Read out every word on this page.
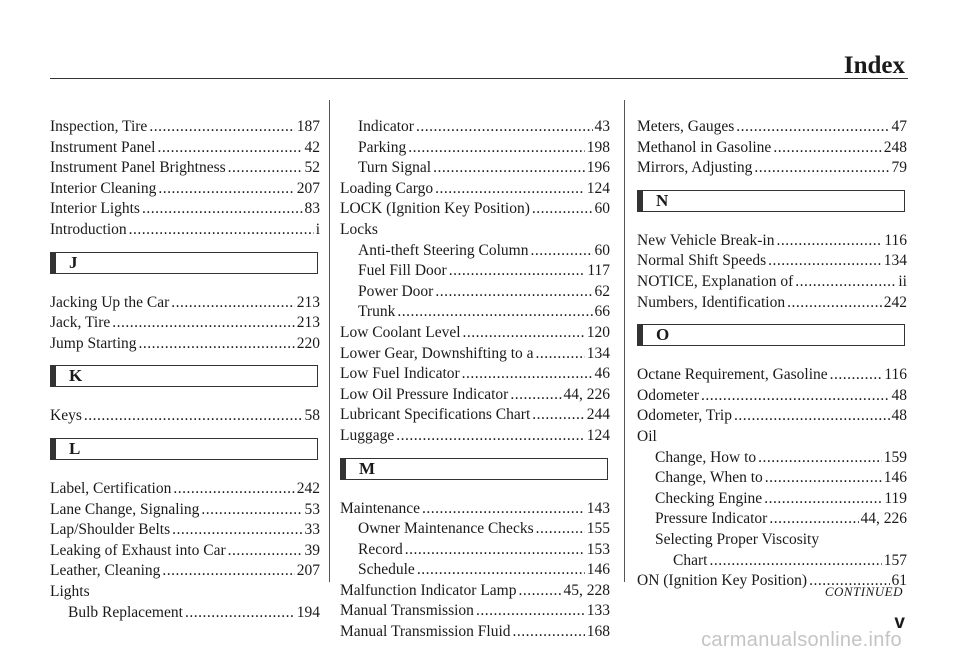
Index
Inspection, Tire .....	187
Instrument Panel .....	42
Instrument Panel Brightness .....	52
Interior Cleaning .....	207
Interior Lights .....	83
Introduction .....	i
J
Jacking Up the Car .....	213
Jack, Tire .....	213
Jump Starting .....	220
K
Keys .....	58
L
Label, Certification .....	242
Lane Change, Signaling .....	53
Lap/Shoulder Belts .....	33
Leaking of Exhaust into Car .....	39
Leather, Cleaning .....	207
Lights
Bulb Replacement .....	194
Indicator .....	43
Parking .....	198
Turn Signal .....	196
Loading Cargo .....	124
LOCK (Ignition Key Position) .....	60
Locks
Anti-theft Steering Column .....	60
Fuel Fill Door .....	117
Power Door .....	62
Trunk .....	66
Low Coolant Level .....	120
Lower Gear, Downshifting to a .....	134
Low Fuel Indicator .....	46
Low Oil Pressure Indicator .....	44, 226
Lubricant Specifications Chart .....	244
Luggage .....	124
M
Maintenance .....	143
Owner Maintenance Checks .....	155
Record .....	153
Schedule .....	146
Malfunction Indicator Lamp .....	45, 228
Manual Transmission .....	133
Manual Transmission Fluid .....	168
Meters, Gauges .....	47
Methanol in Gasoline .....	248
Mirrors, Adjusting .....	79
N
New Vehicle Break-in .....	116
Normal Shift Speeds .....	134
NOTICE, Explanation of .....	ii
Numbers, Identification .....	242
O
Octane Requirement, Gasoline .....	116
Odometer .....	48
Odometer, Trip .....	48
Oil
Change, How to .....	159
Change, When to .....	146
Checking Engine .....	119
Pressure Indicator .....	44, 226
Selecting Proper Viscosity
Chart .....	157
ON (Ignition Key Position) .....	61
CONTINUED
v
carmanualsonline.info
